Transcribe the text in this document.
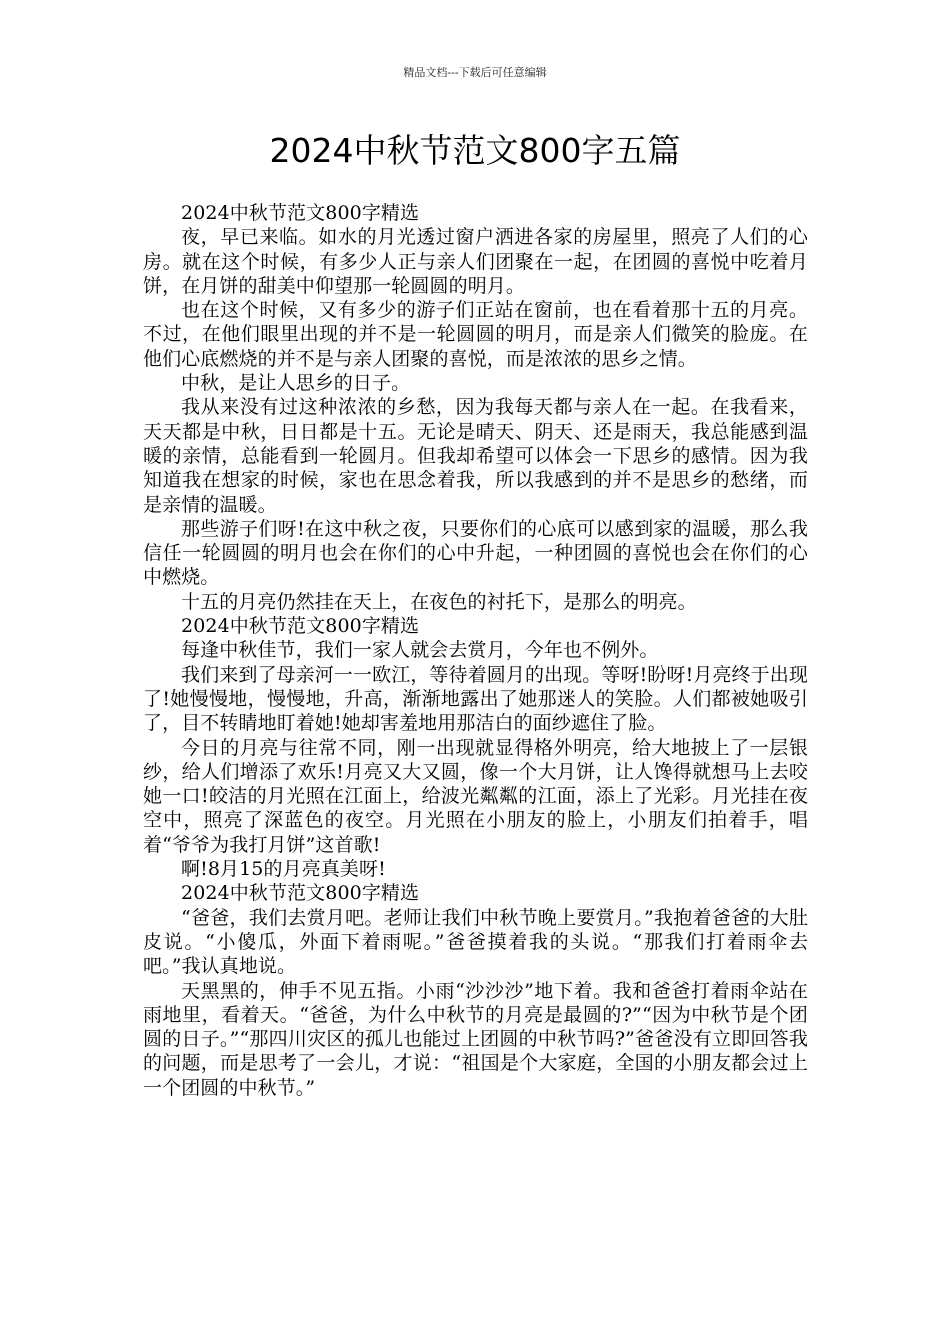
精品文档---下载后可任意编辑
2024中秋节范文800字五篇

2024中秋节范文800字精选

夜，早已来临。如水的月光透过窗户洒进各家的房屋里，照亮了人们的心房。就在这个时候，有多少人正与亲人们团聚在一起，在团圆的喜悦中吃着月饼，在月饼的甜美中仰望那一轮圆圆的明月。

也在这个时候，又有多少的游子们正站在窗前，也在看着那十五的月亮。不过，在他们眼里出现的并不是一轮圆圆的明月，而是亲人们微笑的脸庞。在他们心底燃烧的并不是与亲人团聚的喜悦，而是浓浓的思乡之情。

中秋，是让人思乡的日子。

我从来没有过这种浓浓的乡愁，因为我每天都与亲人在一起。在我看来，天天都是中秋，日日都是十五。无论是晴天、阴天、还是雨天，我总能感到温暖的亲情，总能看到一轮圆月。但我却希望可以体会一下思乡的感情。因为我知道我在想家的时候，家也在思念着我，所以我感到的并不是思乡的愁绪，而是亲情的温暖。

那些游子们呀!在这中秋之夜，只要你们的心底可以感到家的温暖，那么我信任一轮圆圆的明月也会在你们的心中升起，一种团圆的喜悦也会在你们的心中燃烧。

十五的月亮仍然挂在天上，在夜色的衬托下，是那么的明亮。

2024中秋节范文800字精选

每逢中秋佳节，我们一家人就会去赏月，今年也不例外。

我们来到了母亲河一一欧江，等待着圆月的出现。等呀!盼呀!月亮终于出现了!她慢慢地，慢慢地，升高，渐渐地露出了她那迷人的笑脸。人们都被她吸引了，目不转睛地盯着她!她却害羞地用那洁白的面纱遮住了脸。

今日的月亮与往常不同，刚一出现就显得格外明亮，给大地披上了一层银纱，给人们增添了欢乐!月亮又大又圆，像一个大月饼，让人馋得就想马上去咬她一口!皎洁的月光照在江面上，给波光粼粼的江面，添上了光彩。月光挂在夜空中，照亮了深蓝色的夜空。月光照在小朋友的脸上，小朋友们拍着手，唱着“爷爷为我打月饼”这首歌!

啊!8月15的月亮真美呀!

2024中秋节范文800字精选

“爸爸，我们去赏月吧。老师让我们中秋节晚上要赏月。”我抱着爸爸的大肚皮说。“小傻瓜，外面下着雨呢。”爸爸摸着我的头说。“那我们打着雨伞去吧。”我认真地说。

天黑黑的，伸手不见五指。小雨“沙沙沙”地下着。我和爸爸打着雨伞站在雨地里，看着天。“爸爸，为什么中秋节的月亮是最圆的?”“因为中秋节是个团圆的日子。”“那四川灾区的孤儿也能过上团圆的中秋节吗?”爸爸没有立即回答我的问题，而是思考了一会儿，才说：“祖国是个大家庭，全国的小朋友都会过上一个团圆的中秋节。”
